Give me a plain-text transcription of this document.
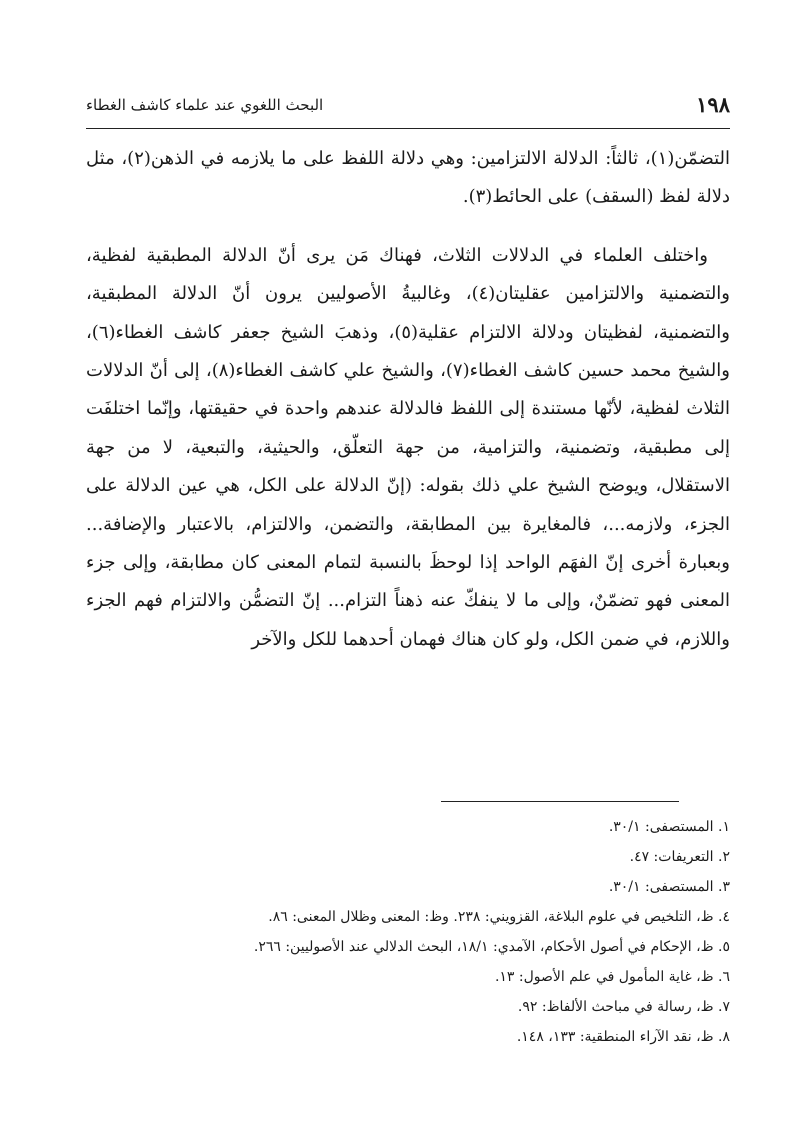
١٩٨
البحث اللغوي عند علماء كاشف الغطاء

التضمّن(١)، ثالثاً: الدلالة الالتزامين: وهي دلالة اللفظ على ما يلازمه في الذهن(٢)، مثل دلالة لفظ (السقف) على الحائط(٣).

واختلف العلماء في الدلالات الثلاث، فهناك مَن يرى أنّ الدلالة المطبقية لفظية، والتضمنية والالتزامين عقليتان(٤)، وغالبيةُ الأصوليين يرون أنّ الدلالة المطبقية، والتضمنية، لفظيتان ودلالة الالتزام عقلية(٥)، وذهبَ الشيخ جعفر كاشف الغطاء(٦)، والشيخ محمد حسين كاشف الغطاء(٧)، والشيخ علي كاشف الغطاء(٨)، إلى أنّ الدلالات الثلاث لفظية، لأنّها مستندة إلى اللفظ فالدلالة عندهم واحدة في حقيقتها، وإنّما اختلفَت إلى مطبقية، وتضمنية، والتزامية، من جهة التعلّق، والحيثية، والتبعية، لا من جهة الاستقلال، ويوضح الشيخ علي ذلك بقوله: (إنّ الدلالة على الكل، هي عين الدلالة على الجزء، ولازمه...، فالمغايرة بين المطابقة، والتضمن، والالتزام، بالاعتبار والإضافة... وبعبارة أخرى إنّ الفهَم الواحد إذا لوحظَ بالنسبة لتمام المعنى كان مطابقة، وإلى جزء المعنى فهو تضمّنٌ، وإلى ما لا ينفكّ عنه ذهناً التزام... إنّ التضمُّن والالتزام فهم الجزء واللازم، في ضمن الكل، ولو كان هناك فهمان أحدهما للكل والآخر

١. المستصفى: ٣٠/١.
٢. التعريفات: ٤٧.
٣. المستصفى: ٣٠/١.
٤. ظ، التلخيص في علوم البلاغة، القزويني: ٢٣٨. وظ: المعنى وظلال المعنى: ٨٦.
٥. ظ، الإحكام في أصول الأحكام، الآمدي: ١٨/١، البحث الدلالي عند الأصوليين: ٢٦٦.
٦. ظ، غاية المأمول في علم الأصول: ١٣.
٧. ظ، رسالة في مباحث الألفاظ: ٩٢.
٨. ظ، نقد الآراء المنطقية: ١٣٣، ١٤٨.
